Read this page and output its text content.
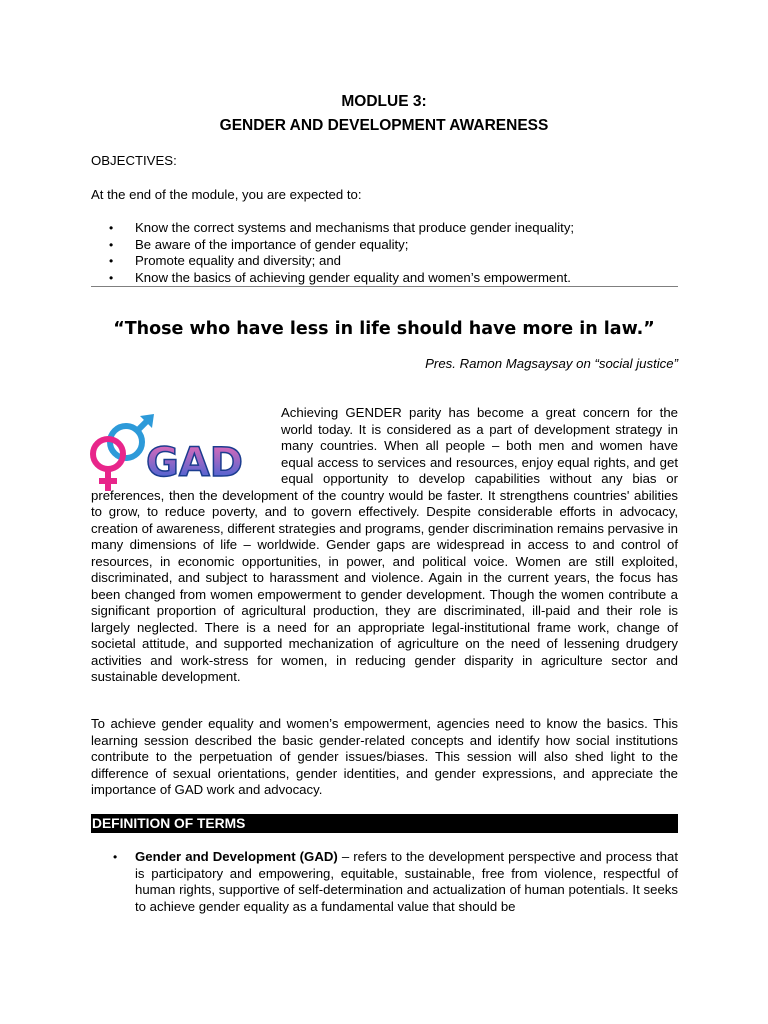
MODLUE 3:
GENDER AND DEVELOPMENT AWARENESS
OBJECTIVES:
At the end of the module, you are expected to:
• Know the correct systems and mechanisms that produce gender inequality;
• Be aware of the importance of gender equality;
• Promote equality and diversity; and
• Know the basics of achieving gender equality and women’s empowerment.
“Those who have less in life should have more in law.”
Pres. Ramon Magsaysay on “social justice”
Achieving GENDER parity has become a great concern for the world today. It is considered as a part of development strategy in many countries. When all people – both men and women have equal access to services and resources, enjoy equal rights, and get equal opportunity to develop capabilities without any bias or preferences, then the development of the country would be faster. It strengthens countries' abilities to grow, to reduce poverty, and to govern effectively. Despite considerable efforts in advocacy, creation of awareness, different strategies and programs, gender discrimination remains pervasive in many dimensions of life – worldwide. Gender gaps are widespread in access to and control of resources, in economic opportunities, in power, and political voice. Women are still exploited, discriminated, and subject to harassment and violence. Again in the current years, the focus has been changed from women empowerment to gender development. Though the women contribute a significant proportion of agricultural production, they are discriminated, ill-paid and their role is largely neglected. There is a need for an appropriate legal-institutional frame work, change of societal attitude, and supported mechanization of agriculture on the need of lessening drudgery activities and work-stress for women, in reducing gender disparity in agriculture sector and sustainable development.
GAD
To achieve gender equality and women’s empowerment, agencies need to know the basics. This learning session described the basic gender-related concepts and identify how social institutions contribute to the perpetuation of gender issues/biases. This session will also shed light to the difference of sexual orientations, gender identities, and gender expressions, and appreciate the importance of GAD work and advocacy.
DEFINITION OF TERMS
• Gender and Development (GAD) – refers to the development perspective and process that is participatory and empowering, equitable, sustainable, free from violence, respectful of human rights, supportive of self-determination and actualization of human potentials. It seeks to achieve gender equality as a fundamental value that should be
